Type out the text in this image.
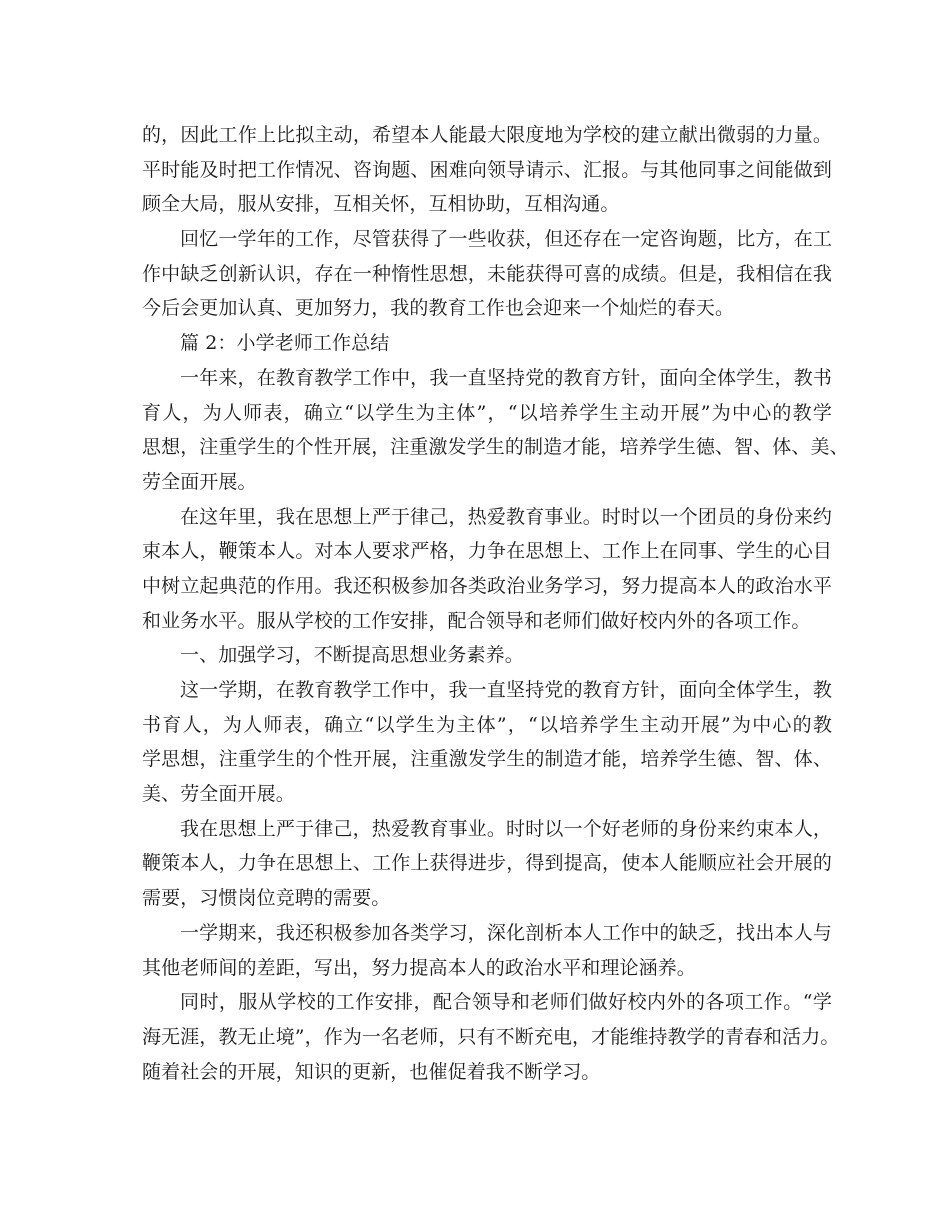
的，因此工作上比拟主动，希望本人能最大限度地为学校的建立献出微弱的力量。
平时能及时把工作情况、咨询题、困难向领导请示、汇报。与其他同事之间能做到
顾全大局，服从安排，互相关怀，互相协助，互相沟通。
回忆一学年的工作，尽管获得了一些收获，但还存在一定咨询题，比方，在工
作中缺乏创新认识，存在一种惰性思想，未能获得可喜的成绩。但是，我相信在我
今后会更加认真、更加努力，我的教育工作也会迎来一个灿烂的春天。
篇 2：小学老师工作总结
一年来，在教育教学工作中，我一直坚持党的教育方针，面向全体学生，教书
育人，为人师表，确立“以学生为主体”，“以培养学生主动开展”为中心的教学
思想，注重学生的个性开展，注重激发学生的制造才能，培养学生德、智、体、美、
劳全面开展。
在这年里，我在思想上严于律己，热爱教育事业。时时以一个团员的身份来约
束本人，鞭策本人。对本人要求严格，力争在思想上、工作上在同事、学生的心目
中树立起典范的作用。我还积极参加各类政治业务学习，努力提高本人的政治水平
和业务水平。服从学校的工作安排，配合领导和老师们做好校内外的各项工作。
一、加强学习，不断提高思想业务素养。
这一学期，在教育教学工作中，我一直坚持党的教育方针，面向全体学生，教
书育人，为人师表，确立“以学生为主体”，“以培养学生主动开展”为中心的教
学思想，注重学生的个性开展，注重激发学生的制造才能，培养学生德、智、体、
美、劳全面开展。
我在思想上严于律己，热爱教育事业。时时以一个好老师的身份来约束本人，
鞭策本人，力争在思想上、工作上获得进步，得到提高，使本人能顺应社会开展的
需要，习惯岗位竞聘的需要。
一学期来，我还积极参加各类学习，深化剖析本人工作中的缺乏，找出本人与
其他老师间的差距，写出，努力提高本人的政治水平和理论涵养。
同时，服从学校的工作安排，配合领导和老师们做好校内外的各项工作。“学
海无涯，教无止境”，作为一名老师，只有不断充电，才能维持教学的青春和活力。
随着社会的开展，知识的更新，也催促着我不断学习。
